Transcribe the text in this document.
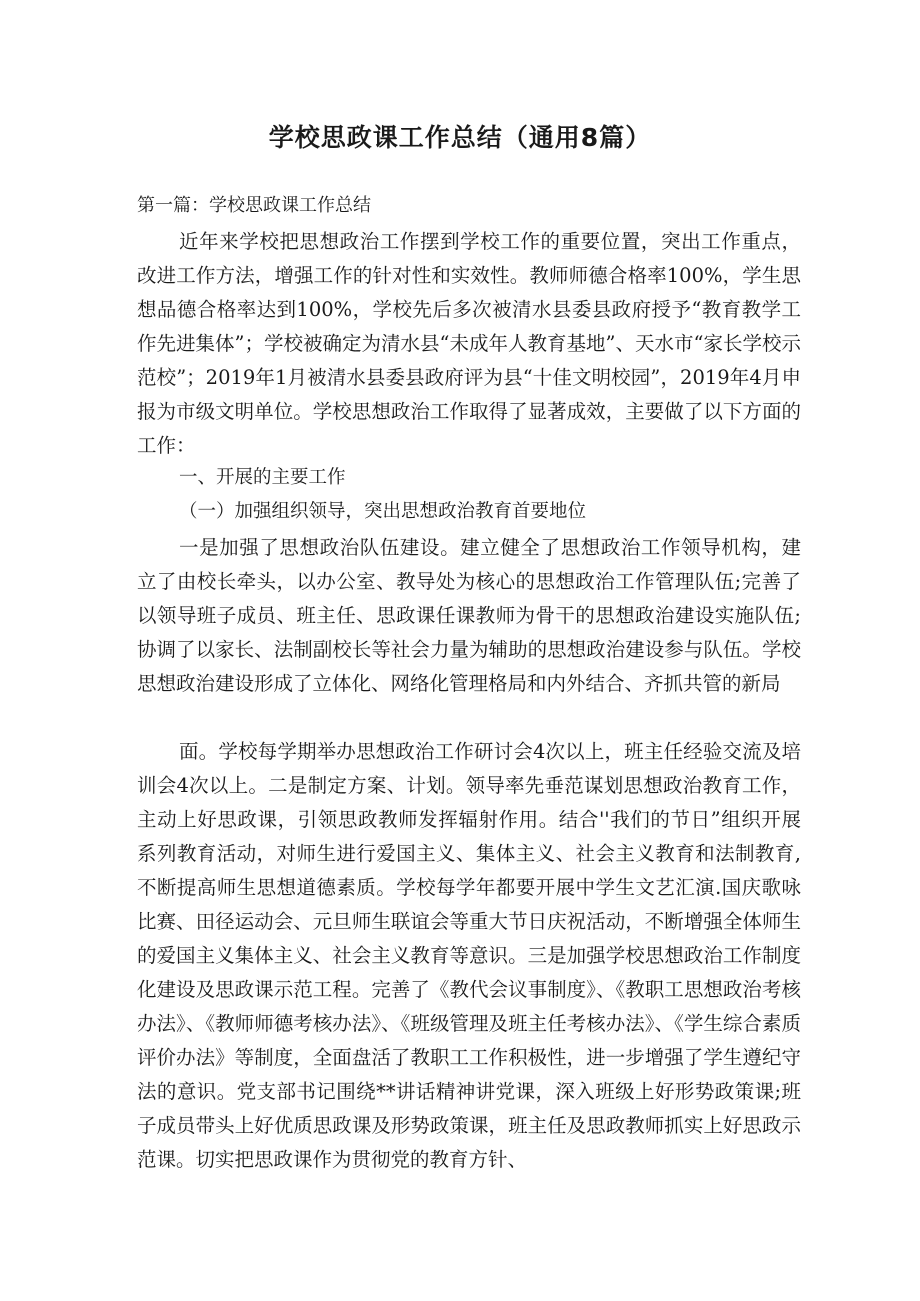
学校思政课工作总结（通用8篇）
第一篇：学校思政课工作总结

近年来学校把思想政治工作摆到学校工作的重要位置，突出工作重点，改进工作方法，增强工作的针对性和实效性。教师师德合格率100%，学生思想品德合格率达到100%，学校先后多次被清水县委县政府授予“教育教学工作先进集体”；学校被确定为清水县“未成年人教育基地”、天水市“家长学校示范校”；2019年1月被清水县委县政府评为县“十佳文明校园”，2019年4月申报为市级文明单位。学校思想政治工作取得了显著成效，主要做了以下方面的工作：

一、开展的主要工作
（一）加强组织领导，突出思想政治教育首要地位

一是加强了思想政治队伍建设。建立健全了思想政治工作领导机构，建立了由校长牵头，以办公室、教导处为核心的思想政治工作管理队伍;完善了以领导班子成员、班主任、思政课任课教师为骨干的思想政治建设实施队伍;协调了以家长、法制副校长等社会力量为辅助的思想政治建设参与队伍。学校思想政治建设形成了立体化、网络化管理格局和内外结合、齐抓共管的新局

面。学校每学期举办思想政治工作研讨会4次以上，班主任经验交流及培训会4次以上。二是制定方案、计划。领导率先垂范谋划思想政治教育工作，主动上好思政课，引领思政教师发挥辐射作用。结合''我们的节日”组织开展系列教育活动，对师生进行爱国主义、集体主义、社会主义教育和法制教育,不断提高师生思想道德素质。学校每学年都要开展中学生文艺汇演.国庆歌咏比赛、田径运动会、元旦师生联谊会等重大节日庆祝活动，不断增强全体师生的爱国主义集体主义、社会主义教育等意识。三是加强学校思想政治工作制度化建设及思政课示范工程。完善了《教代会议事制度》、《教职工思想政治考核办法》、《教师师德考核办法》、《班级管理及班主任考核办法》、《学生综合素质评价办法》等制度，全面盘活了教职工工作积极性，进一步增强了学生遵纪守法的意识。党支部书记围绕**讲话精神讲党课，深入班级上好形势政策课;班子成员带头上好优质思政课及形势政策课，班主任及思政教师抓实上好思政示范课。切实把思政课作为贯彻党的教育方针、
